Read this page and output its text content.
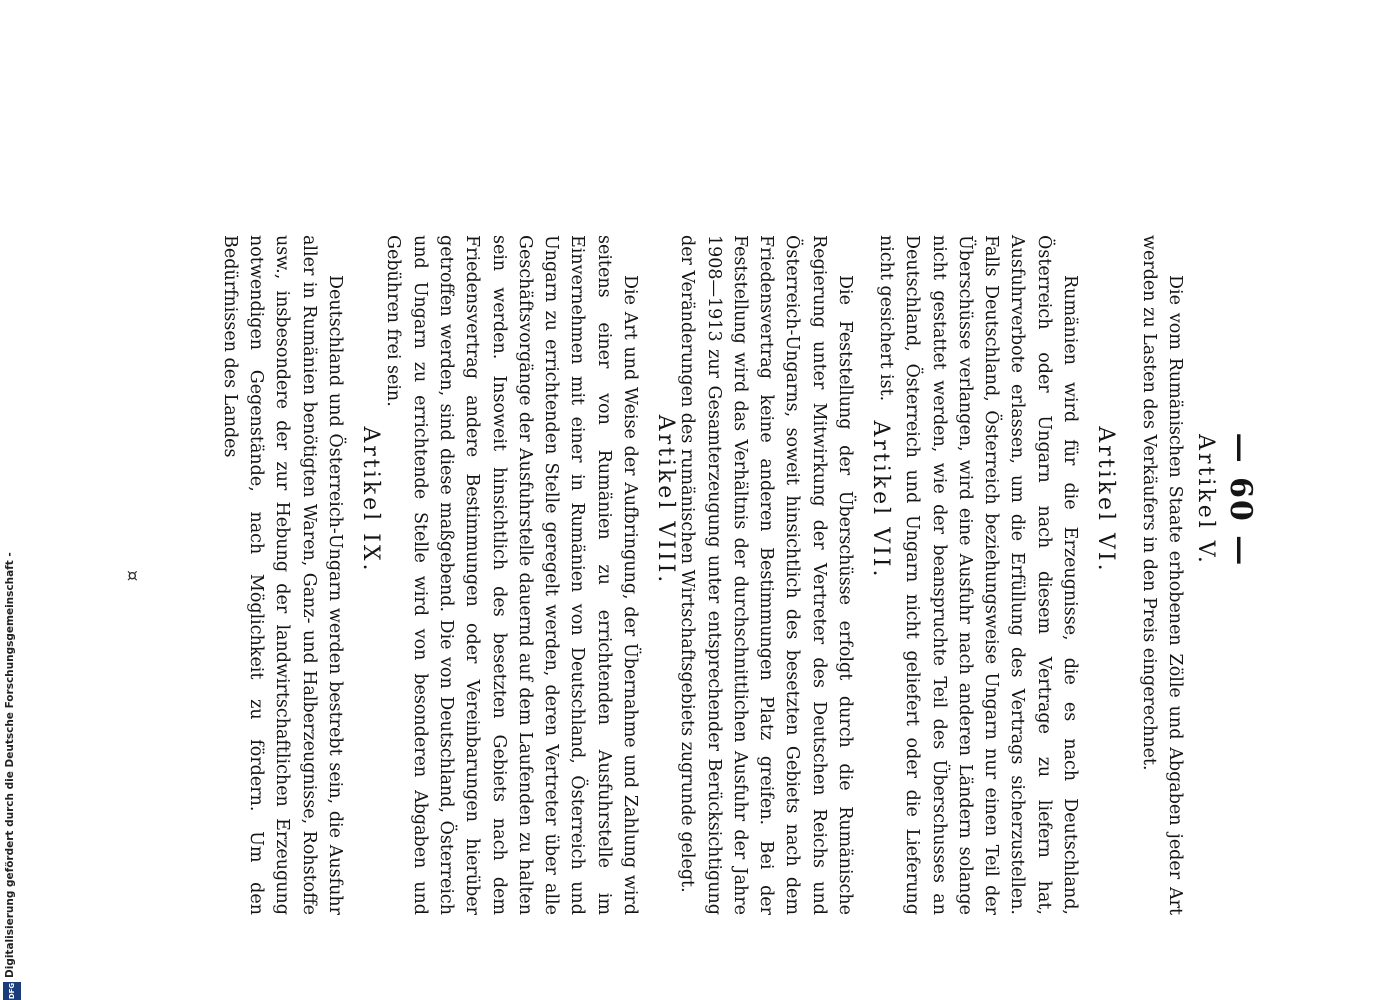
DFG
Digitalisierung gefördert durch die Deutsche Forschungsgemeinschaft -
— 60 —
Artikel V.

Die vom Rumänischen Staate erhobenen Zölle und Abgaben jeder Art werden zu Lasten des Verkäufers in den Preis eingerechnet.

Artikel VI.

Rumänien wird für die Erzeugnisse, die es nach Deutschland, Österreich oder Ungarn nach diesem Vertrage zu liefern hat, Ausfuhrverbote erlassen, um die Erfüllung des Vertrags sicherzustellen. Falls Deutschland, Österreich beziehungsweise Ungarn nur einen Teil der Überschüsse verlangen, wird eine Ausfuhr nach anderen Ländern solange nicht gestattet werden, wie der beanspruchte Teil des Überschusses an Deutschland, Österreich und Ungarn nicht geliefert oder die Lieferung nicht gesichert ist.

Artikel VII.

Die Feststellung der Überschüsse erfolgt durch die Rumänische Regierung unter Mitwirkung der Vertreter des Deutschen Reichs und Österreich-Ungarns, soweit hinsichtlich des besetzten Gebiets nach dem Friedensvertrag keine anderen Bestimmungen Platz greifen. Bei der Feststellung wird das Verhältnis der durchschnittlichen Ausfuhr der Jahre 1908—1913 zur Gesamterzeugung unter entsprechender Berücksichtigung der Veränderungen des rumänischen Wirtschaftsgebiets zugrunde gelegt.

Artikel VIII.

Die Art und Weise der Aufbringung, der Übernahme und Zahlung wird seitens einer von Rumänien zu errichtenden Ausfuhrstelle im Einvernehmen mit einer in Rumänien von Deutschland, Österreich und Ungarn zu errichtenden Stelle geregelt werden, deren Vertreter über alle Geschäftsvorgänge der Ausfuhrstelle dauernd auf dem Laufenden zu halten sein werden. Insoweit hinsichtlich des besetzten Gebiets nach dem Friedensvertrag andere Bestimmungen oder Vereinbarungen hierüber getroffen werden, sind diese maßgebend. Die von Deutschland, Österreich und Ungarn zu errichtende Stelle wird von besonderen Abgaben und Gebühren frei sein.

Artikel IX.

Deutschland und Österreich-Ungarn werden bestrebt sein, die Ausfuhr aller in Rumänien benötigten Waren, Ganz- und Halberzeugnisse, Rohstoffe usw., insbesondere der zur Hebung der landwirtschaftlichen Erzeugung notwendigen Gegenstände, nach Möglichkeit zu fördern. Um den Bedürfnissen des Landes

¤
